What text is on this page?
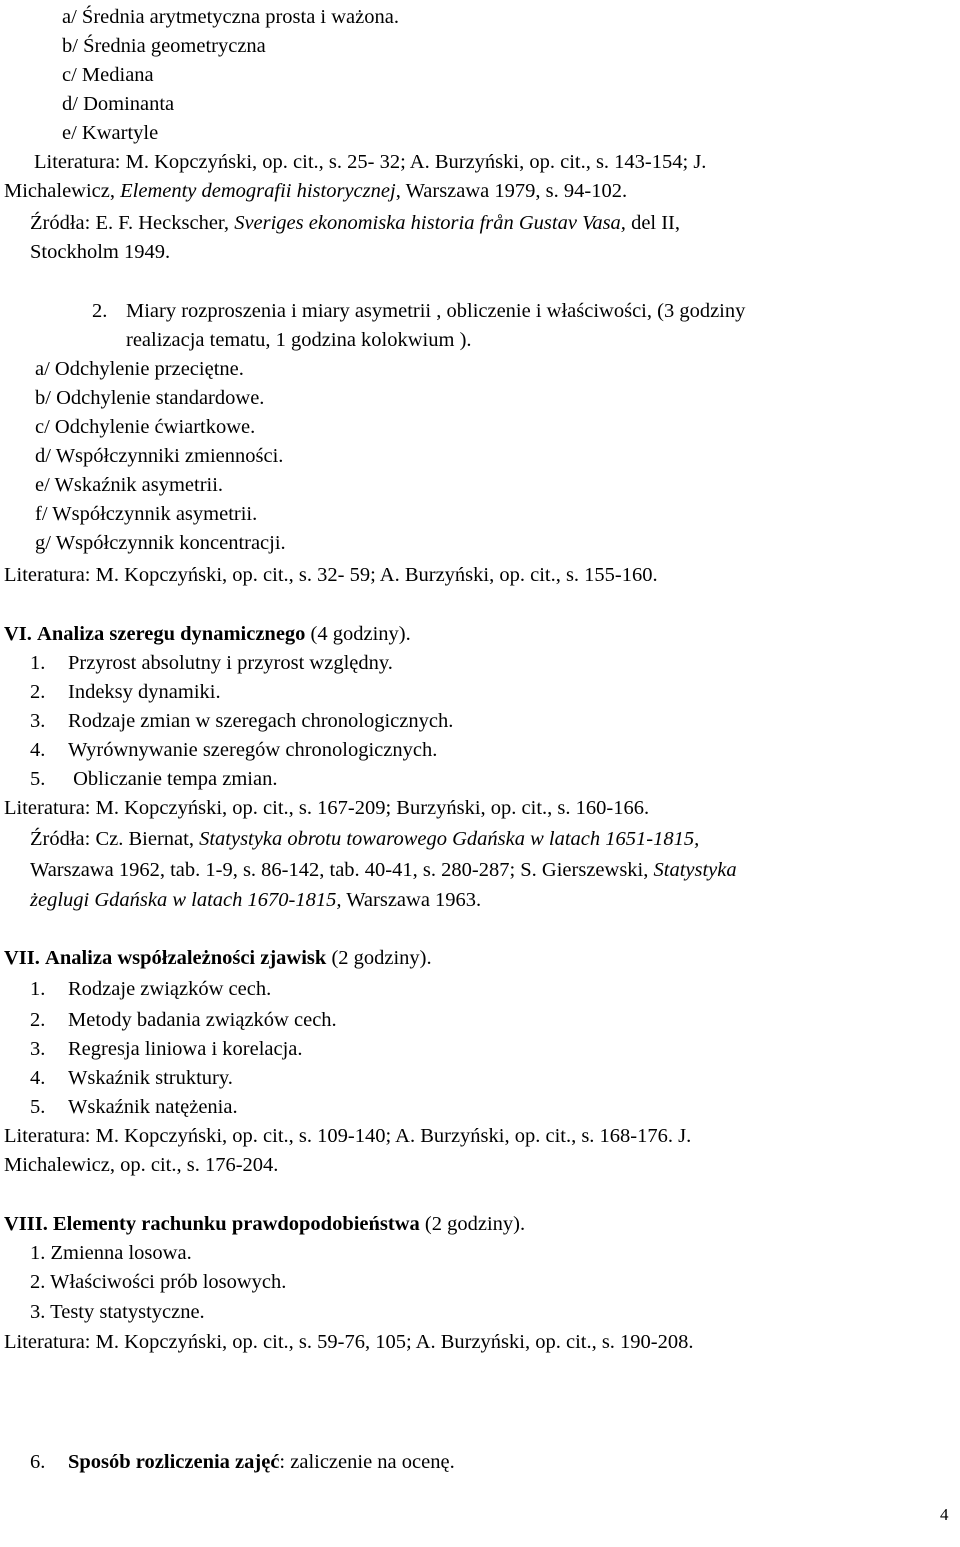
a/ Średnia arytmetyczna prosta i ważona.
b/ Średnia geometryczna
c/ Mediana
d/ Dominanta
e/ Kwartyle
Literatura: M. Kopczyński, op. cit., s. 25- 32; A. Burzyński, op. cit., s. 143-154; J.
Michalewicz, Elementy demografii historycznej, Warszawa 1979, s. 94-102.
Źródła: E. F. Heckscher, Sveriges ekonomiska historia från Gustav Vasa, del II,
Stockholm 1949.
2. Miary rozproszenia i miary asymetrii , obliczenie i właściwości, (3 godziny
realizacja tematu, 1 godzina kolokwium ).
a/ Odchylenie przeciętne.
b/ Odchylenie standardowe.
c/ Odchylenie ćwiartkowe.
d/ Współczynniki zmienności.
e/ Wskaźnik asymetrii.
f/ Współczynnik asymetrii.
g/ Współczynnik koncentracji.
Literatura: M. Kopczyński, op. cit., s. 32- 59; A. Burzyński, op. cit., s. 155-160.
VI. Analiza szeregu dynamicznego (4 godziny).
1. Przyrost absolutny i przyrost względny.
2. Indeksy dynamiki.
3. Rodzaje zmian w szeregach chronologicznych.
4. Wyrównywanie szeregów chronologicznych.
5. Obliczanie tempa zmian.
Literatura: M. Kopczyński, op. cit., s. 167-209; Burzyński, op. cit., s. 160-166.
Źródła: Cz. Biernat, Statystyka obrotu towarowego Gdańska w latach 1651-1815,
Warszawa 1962, tab. 1-9, s. 86-142, tab. 40-41, s. 280-287; S. Gierszewski, Statystyka
żeglugi Gdańska w latach 1670-1815, Warszawa 1963.
VII. Analiza współzależności zjawisk (2 godziny).
1. Rodzaje związków cech.
2. Metody badania związków cech.
3. Regresja liniowa i korelacja.
4. Wskaźnik struktury.
5. Wskaźnik natężenia.
Literatura: M. Kopczyński, op. cit., s. 109-140; A. Burzyński, op. cit., s. 168-176. J.
Michalewicz, op. cit., s. 176-204.
VIII. Elementy rachunku prawdopodobieństwa (2 godziny).
1. Zmienna losowa.
2. Właściwości prób losowych.
3. Testy statystyczne.
Literatura: M. Kopczyński, op. cit., s. 59-76, 105; A. Burzyński, op. cit., s. 190-208.
6. Sposób rozliczenia zajęć: zaliczenie na ocenę.
4
